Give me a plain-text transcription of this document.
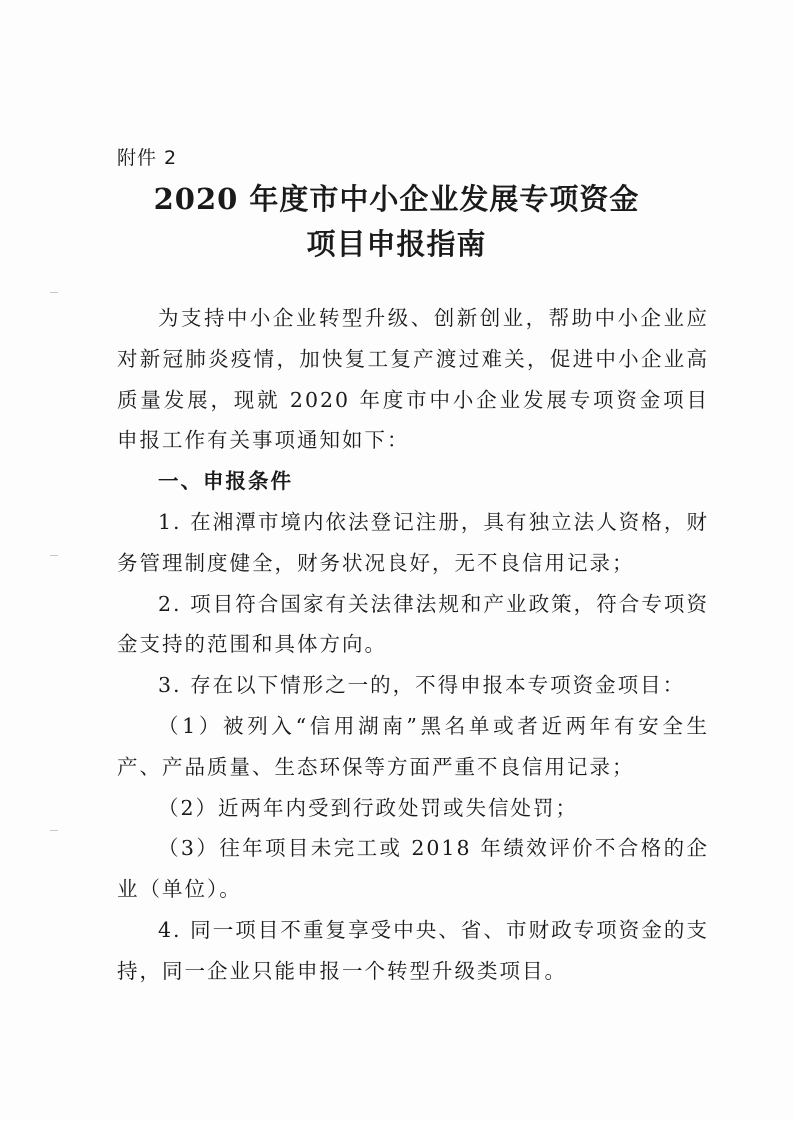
附件 2
2020 年度市中小企业发展专项资金
项目申报指南

为支持中小企业转型升级、创新创业，帮助中小企业应对新冠肺炎疫情，加快复工复产渡过难关，促进中小企业高质量发展，现就 2020 年度市中小企业发展专项资金项目申报工作有关事项通知如下：

一、申报条件

1. 在湘潭市境内依法登记注册，具有独立法人资格，财务管理制度健全，财务状况良好，无不良信用记录；

2. 项目符合国家有关法律法规和产业政策，符合专项资金支持的范围和具体方向。

3. 存在以下情形之一的，不得申报本专项资金项目：

（1）被列入“信用湖南”黑名单或者近两年有安全生产、产品质量、生态环保等方面严重不良信用记录；

（2）近两年内受到行政处罚或失信处罚；

（3）往年项目未完工或 2018 年绩效评价不合格的企业（单位）。

4. 同一项目不重复享受中央、省、市财政专项资金的支持，同一企业只能申报一个转型升级类项目。
